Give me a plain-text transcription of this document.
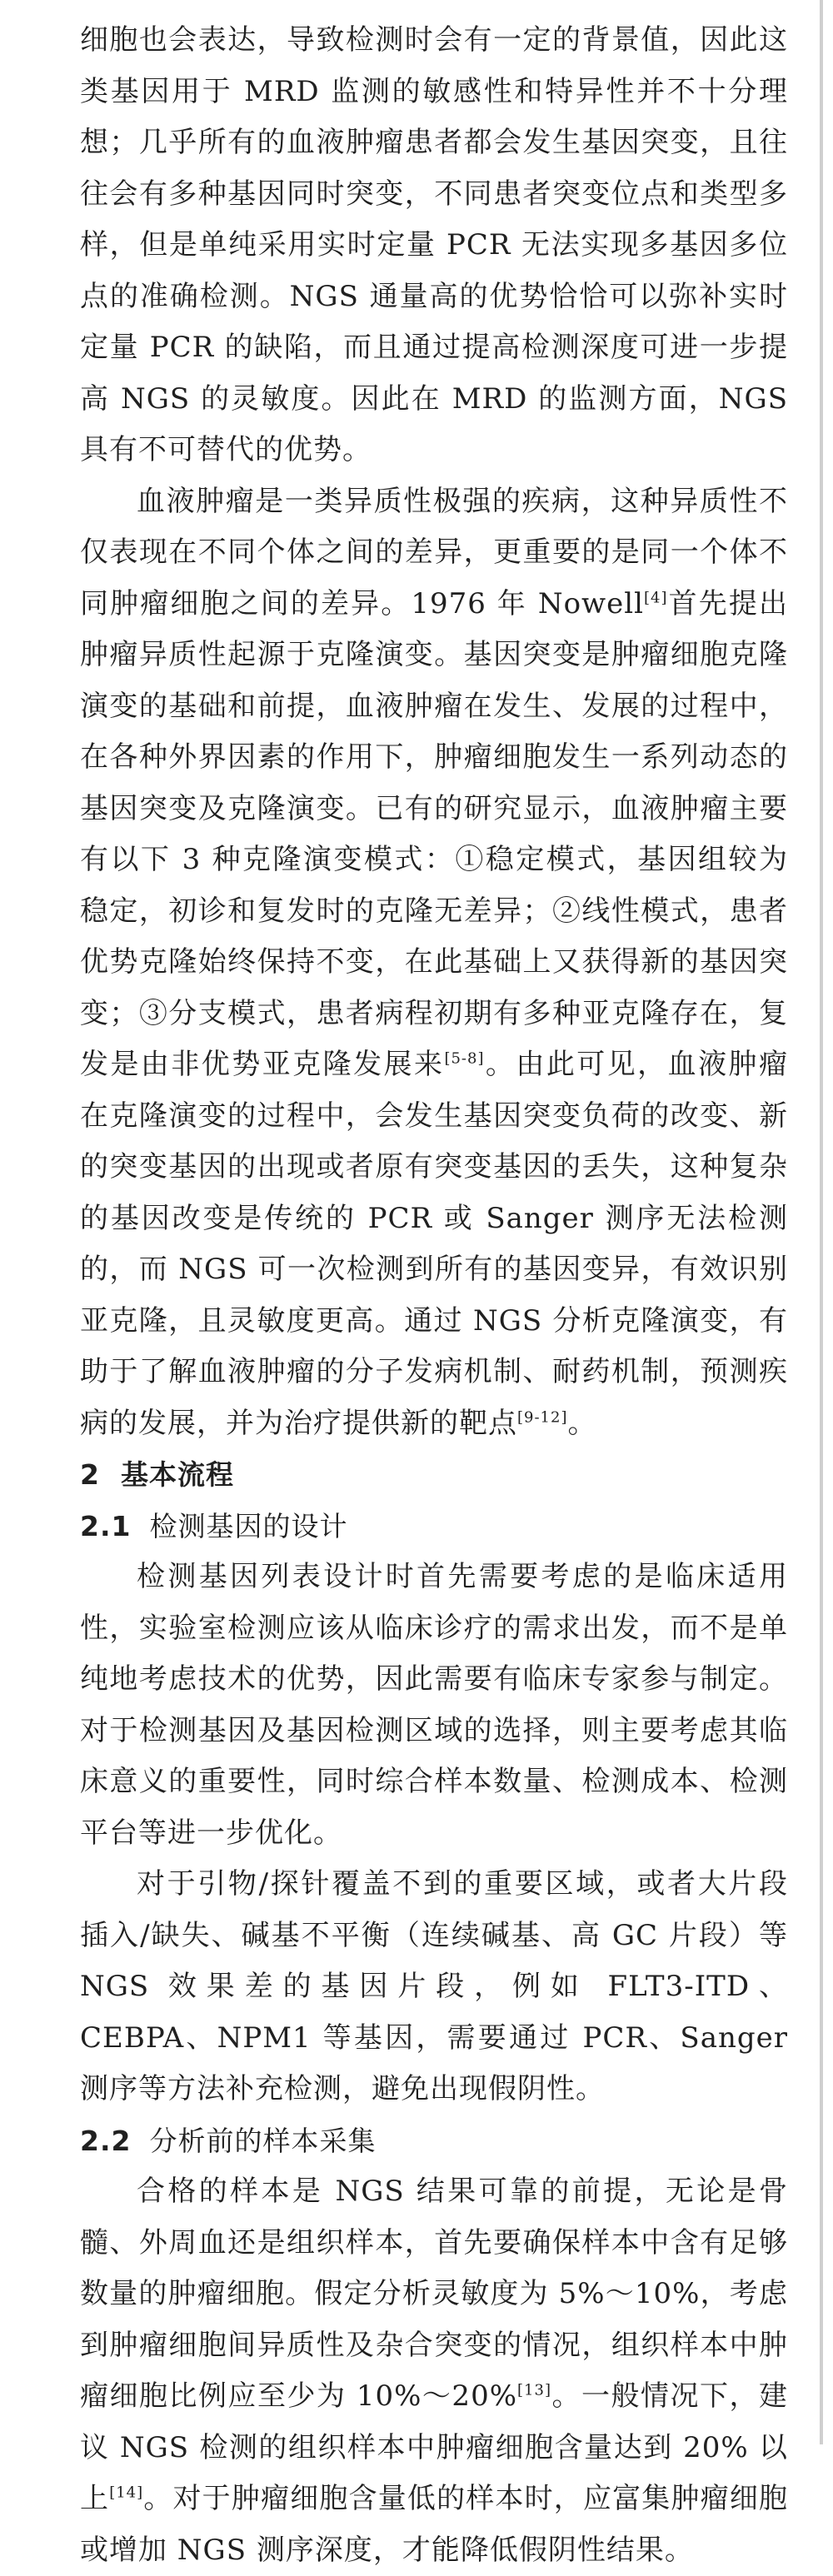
细胞也会表达，导致检测时会有一定的背景值，因此这类基因用于 MRD 监测的敏感性和特异性并不十分理想；几乎所有的血液肿瘤患者都会发生基因突变，且往往会有多种基因同时突变，不同患者突变位点和类型多样，但是单纯采用实时定量 PCR 无法实现多基因多位点的准确检测。NGS 通量高的优势恰恰可以弥补实时定量 PCR 的缺陷，而且通过提高检测深度可进一步提高 NGS 的灵敏度。因此在 MRD 的监测方面，NGS 具有不可替代的优势。

血液肿瘤是一类异质性极强的疾病，这种异质性不仅表现在不同个体之间的差异，更重要的是同一个体不同肿瘤细胞之间的差异。1976 年 Nowell[4]首先提出肿瘤异质性起源于克隆演变。基因突变是肿瘤细胞克隆演变的基础和前提，血液肿瘤在发生、发展的过程中，在各种外界因素的作用下，肿瘤细胞发生一系列动态的基因突变及克隆演变。已有的研究显示，血液肿瘤主要有以下 3 种克隆演变模式：①稳定模式，基因组较为稳定，初诊和复发时的克隆无差异；②线性模式，患者优势克隆始终保持不变，在此基础上又获得新的基因突变；③分支模式，患者病程初期有多种亚克隆存在，复发是由非优势亚克隆发展来[5-8]。由此可见，血液肿瘤在克隆演变的过程中，会发生基因突变负荷的改变、新的突变基因的出现或者原有突变基因的丢失，这种复杂的基因改变是传统的 PCR 或 Sanger 测序无法检测的，而 NGS 可一次检测到所有的基因变异，有效识别亚克隆，且灵敏度更高。通过 NGS 分析克隆演变，有助于了解血液肿瘤的分子发病机制、耐药机制，预测疾病的发展，并为治疗提供新的靶点[9-12]。

2 基本流程

2.1 检测基因的设计

检测基因列表设计时首先需要考虑的是临床适用性，实验室检测应该从临床诊疗的需求出发，而不是单纯地考虑技术的优势，因此需要有临床专家参与制定。对于检测基因及基因检测区域的选择，则主要考虑其临床意义的重要性，同时综合样本数量、检测成本、检测平台等进一步优化。

对于引物/探针覆盖不到的重要区域，或者大片段插入/缺失、碱基不平衡（连续碱基、高 GC 片段）等 NGS 效果差的基因片段，例如 FLT3-ITD、CEBPA、NPM1 等基因，需要通过 PCR、Sanger 测序等方法补充检测，避免出现假阴性。

2.2 分析前的样本采集

合格的样本是 NGS 结果可靠的前提，无论是骨髓、外周血还是组织样本，首先要确保样本中含有足够数量的肿瘤细胞。假定分析灵敏度为 5%～10%，考虑到肿瘤细胞间异质性及杂合突变的情况，组织样本中肿瘤细胞比例应至少为 10%～20%[13]。一般情况下，建议 NGS 检测的组织样本中肿瘤细胞含量达到 20% 以上[14]。对于肿瘤细胞含量低的样本时，应富集肿瘤细胞或增加 NGS 测序深度，才能降低假阴性结果。
